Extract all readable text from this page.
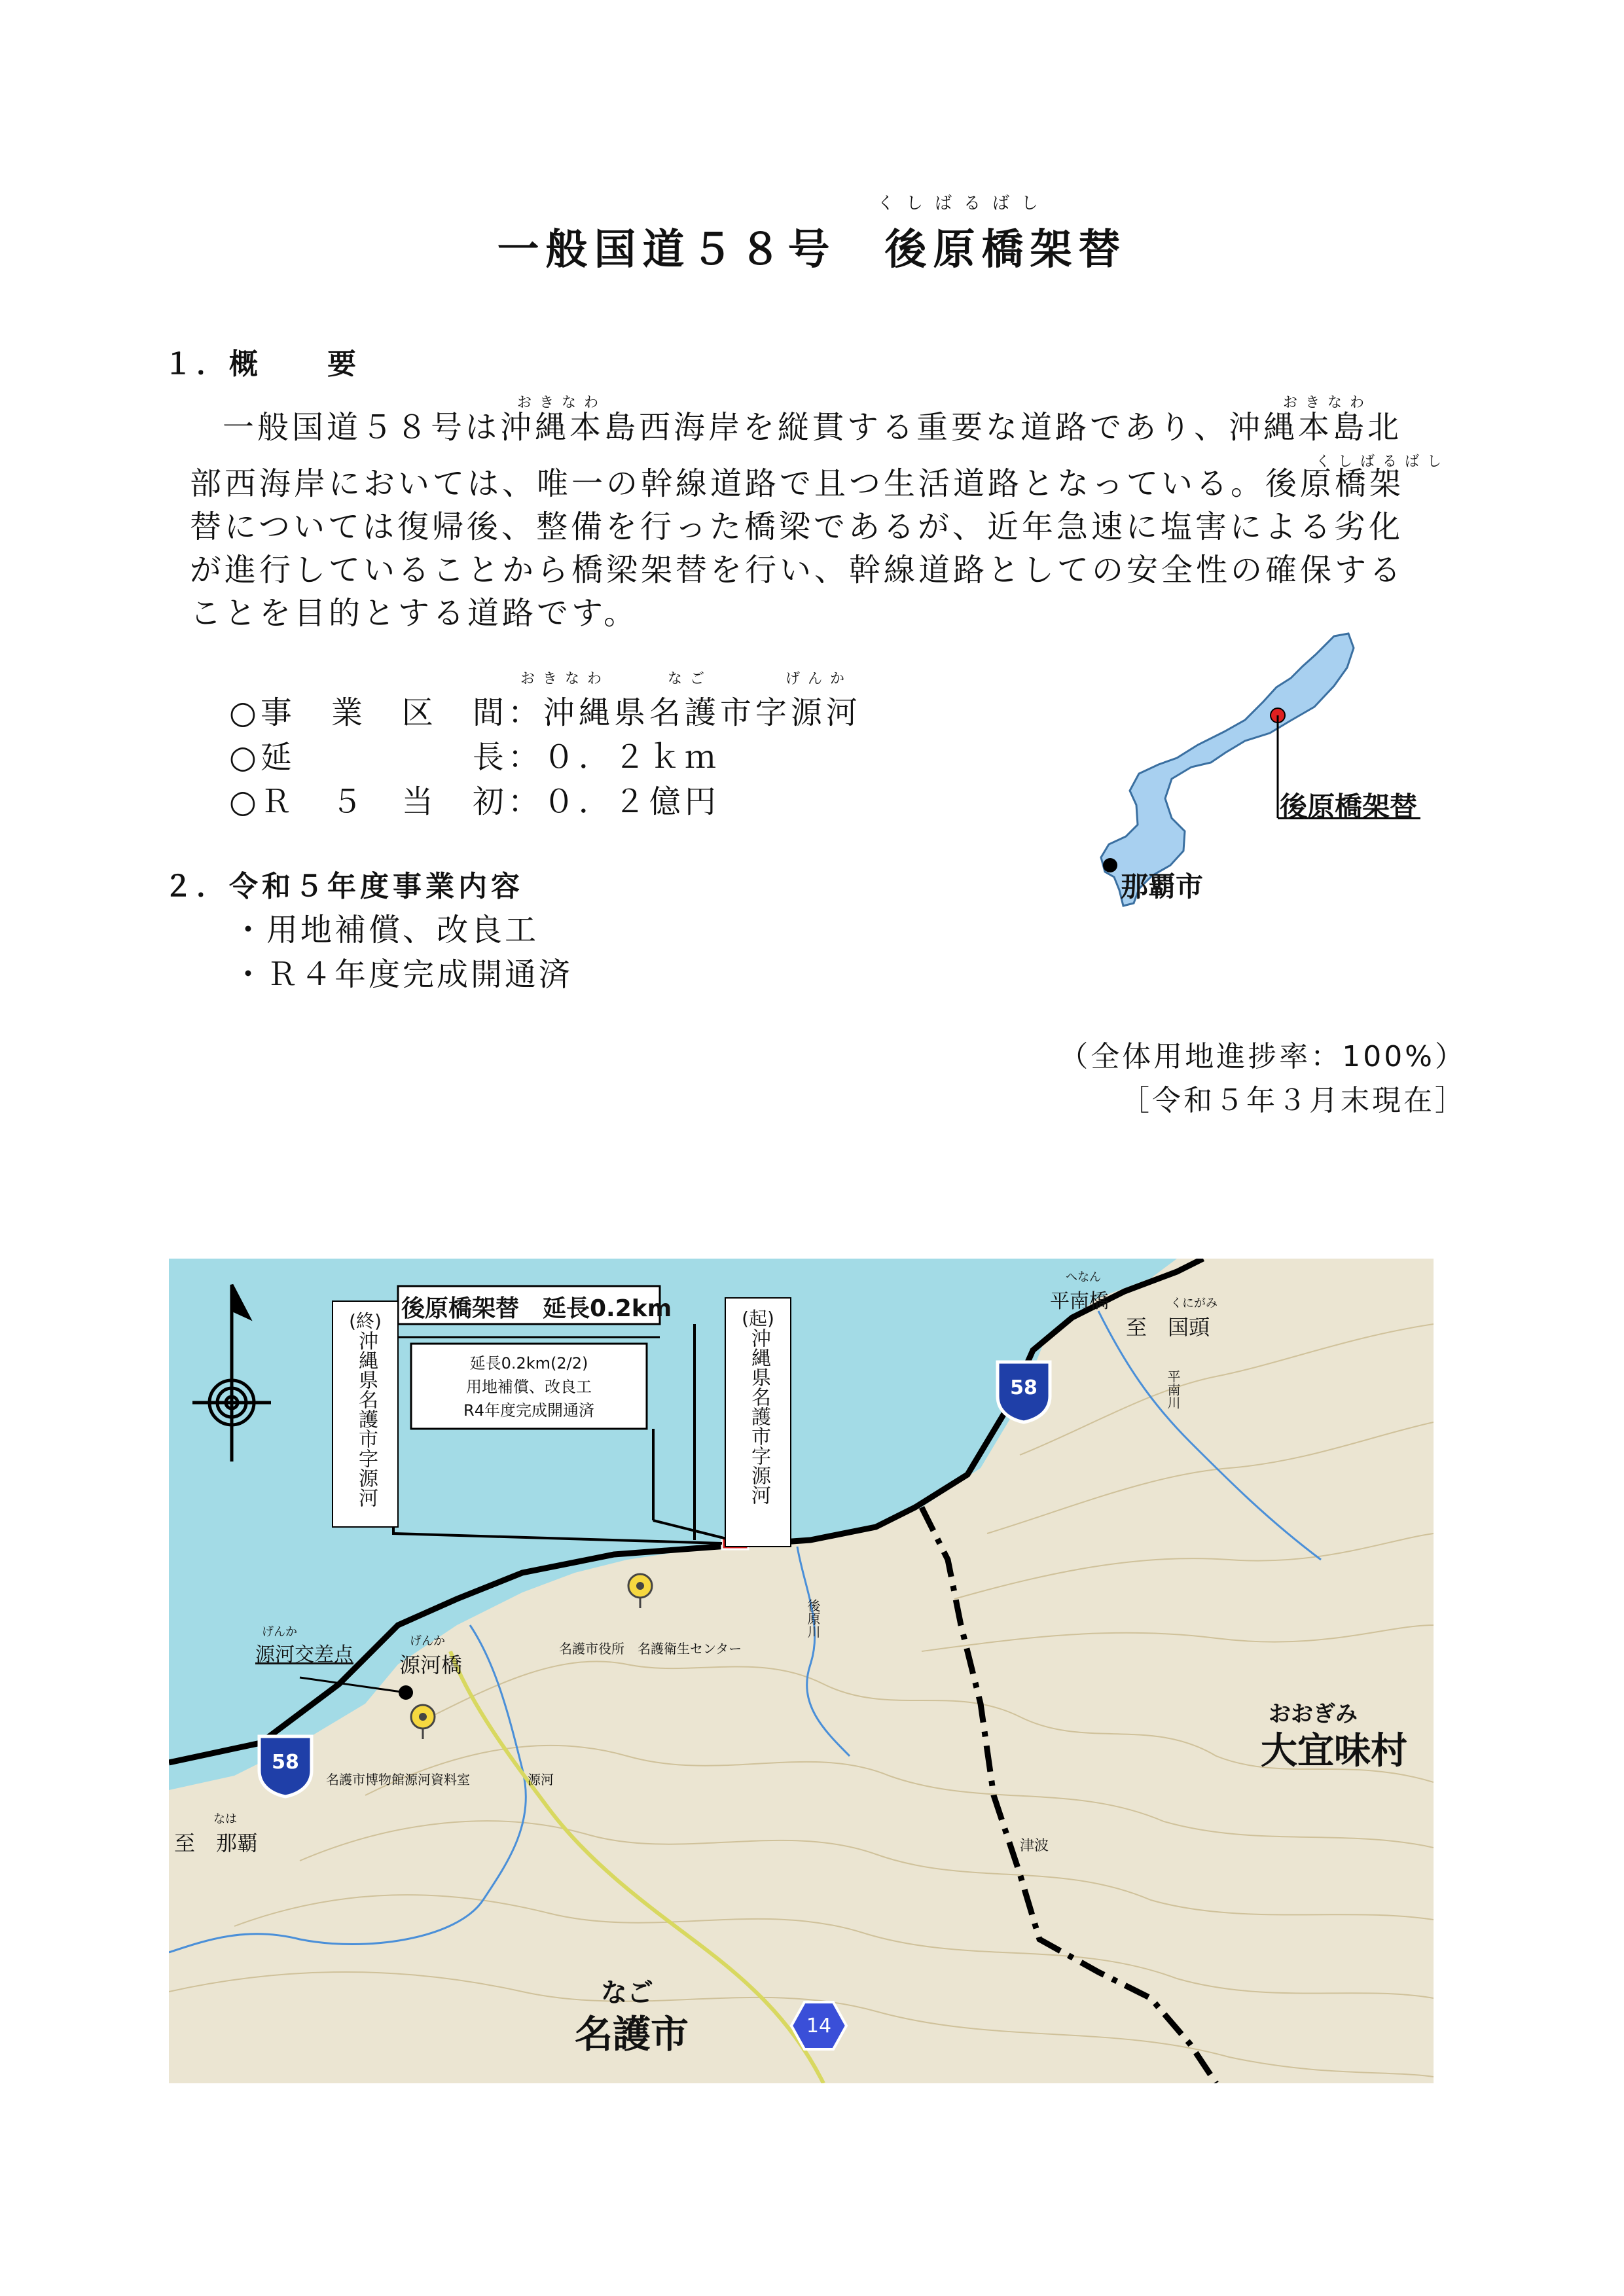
一般国道５８号　後原橋架替
くしばるばし
１．概　　要
おきなわ	おきなわ
くしばるばし
一般国道５８号は沖縄本島西海岸を縦貫する重要な道路であり、沖縄本島北
部西海岸においては、唯一の幹線道路で且つ生活道路となっている。後原橋架
替については復帰後、整備を行った橋梁であるが、近年急速に塩害による劣化
が進行していることから橋梁架替を行い、幹線道路としての安全性の確保する
ことを目的とする道路です。
おきなわ	なご	げんか
○事　業　区　間：沖縄県名護市字源河
○延　　　　　長：０．２ｋｍ
○Ｒ　５　当　初：０．２億円
２．令和５年度事業内容
・用地補償、改良工
・Ｒ４年度完成開通済
（全体用地進捗率：100%）
［令和５年３月末現在］
後原橋架替
那覇市
後原橋架替　延長0.2km
延長0.2km(2/2)
用地補償、改良工
R4年度完成開通済
(終)
沖縄県名護市字源河
(起)
沖縄県名護市字源河
げんか
源河交差点
げんか
源河橋
へなん
平南橋	くにがみ
至　国頭
なは
至　那覇
おおぎみ
大宜味村
なご
名護市
58
58
14
名護市役所　名護衛生センター
名護市博物館源河資料室
津波
平南川
後原川
源河
